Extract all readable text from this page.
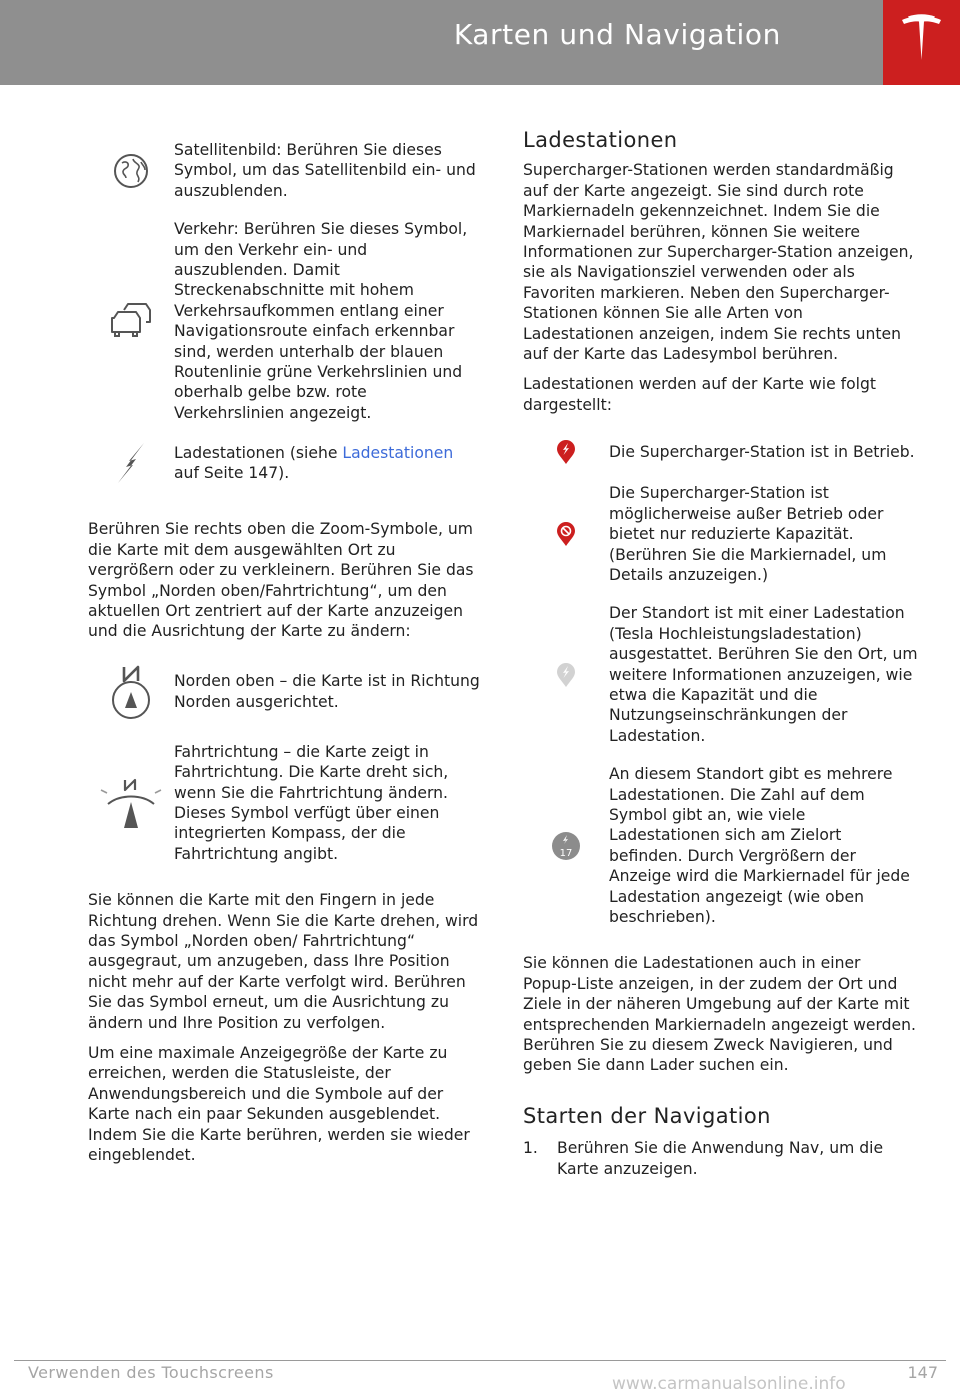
Karten und Navigation
Satellitenbild: Berühren Sie dieses Symbol, um das Satellitenbild ein- und auszublenden.
Verkehr: Berühren Sie dieses Symbol, um den Verkehr ein- und auszublenden. Damit Streckenabschnitte mit hohem Verkehrsaufkommen entlang einer Navigationsroute einfach erkennbar sind, werden unterhalb der blauen Routenlinie grüne Verkehrslinien und oberhalb gelbe bzw. rote Verkehrslinien angezeigt.
Ladestationen (siehe Ladestationen auf Seite 147).

Berühren Sie rechts oben die Zoom-Symbole, um die Karte mit dem ausgewählten Ort zu vergrößern oder zu verkleinern. Berühren Sie das Symbol „Norden oben/Fahrtrichtung“, um den aktuellen Ort zentriert auf der Karte anzuzeigen und die Ausrichtung der Karte zu ändern:

Norden oben – die Karte ist in Richtung Norden ausgerichtet.
Fahrtrichtung – die Karte zeigt in Fahrtrichtung. Die Karte dreht sich, wenn Sie die Fahrtrichtung ändern. Dieses Symbol verfügt über einen integrierten Kompass, der die Fahrtrichtung angibt.

Sie können die Karte mit den Fingern in jede Richtung drehen. Wenn Sie die Karte drehen, wird das Symbol „Norden oben/ Fahrtrichtung“ ausgegraut, um anzugeben, dass Ihre Position nicht mehr auf der Karte verfolgt wird. Berühren Sie das Symbol erneut, um die Ausrichtung zu ändern und Ihre Position zu verfolgen.

Um eine maximale Anzeigegröße der Karte zu erreichen, werden die Statusleiste, der Anwendungsbereich und die Symbole auf der Karte nach ein paar Sekunden ausgeblendet. Indem Sie die Karte berühren, werden sie wieder eingeblendet.

Ladestationen

Supercharger-Stationen werden standardmäßig auf der Karte angezeigt. Sie sind durch rote Markiernadeln gekennzeichnet. Indem Sie die Markiernadel berühren, können Sie weitere Informationen zur Supercharger-Station anzeigen, sie als Navigationsziel verwenden oder als Favoriten markieren. Neben den Supercharger-Stationen können Sie alle Arten von Ladestationen anzeigen, indem Sie rechts unten auf der Karte das Ladesymbol berühren.

Ladestationen werden auf der Karte wie folgt dargestellt:

Die Supercharger-Station ist in Betrieb.
Die Supercharger-Station ist möglicherweise außer Betrieb oder bietet nur reduzierte Kapazität. (Berühren Sie die Markiernadel, um Details anzuzeigen.)
Der Standort ist mit einer Ladestation (Tesla Hochleistungsladestation) ausgestattet. Berühren Sie den Ort, um weitere Informationen anzuzeigen, wie etwa die Kapazität und die Nutzungseinschränkungen der Ladestation.
17
An diesem Standort gibt es mehrere Ladestationen. Die Zahl auf dem Symbol gibt an, wie viele Ladestationen sich am Zielort befinden. Durch Vergrößern der Anzeige wird die Markiernadel für jede Ladestation angezeigt (wie oben beschrieben).

Sie können die Ladestationen auch in einer Popup-Liste anzeigen, in der zudem der Ort und Ziele in der näheren Umgebung auf der Karte mit entsprechenden Markiernadeln angezeigt werden. Berühren Sie zu diesem Zweck Navigieren, und geben Sie dann Lader suchen ein.

Starten der Navigation
1.	Berühren Sie die Anwendung Nav, um die Karte anzuzeigen.
Verwenden des Touchscreens	147
www.carmanualsonline.info
